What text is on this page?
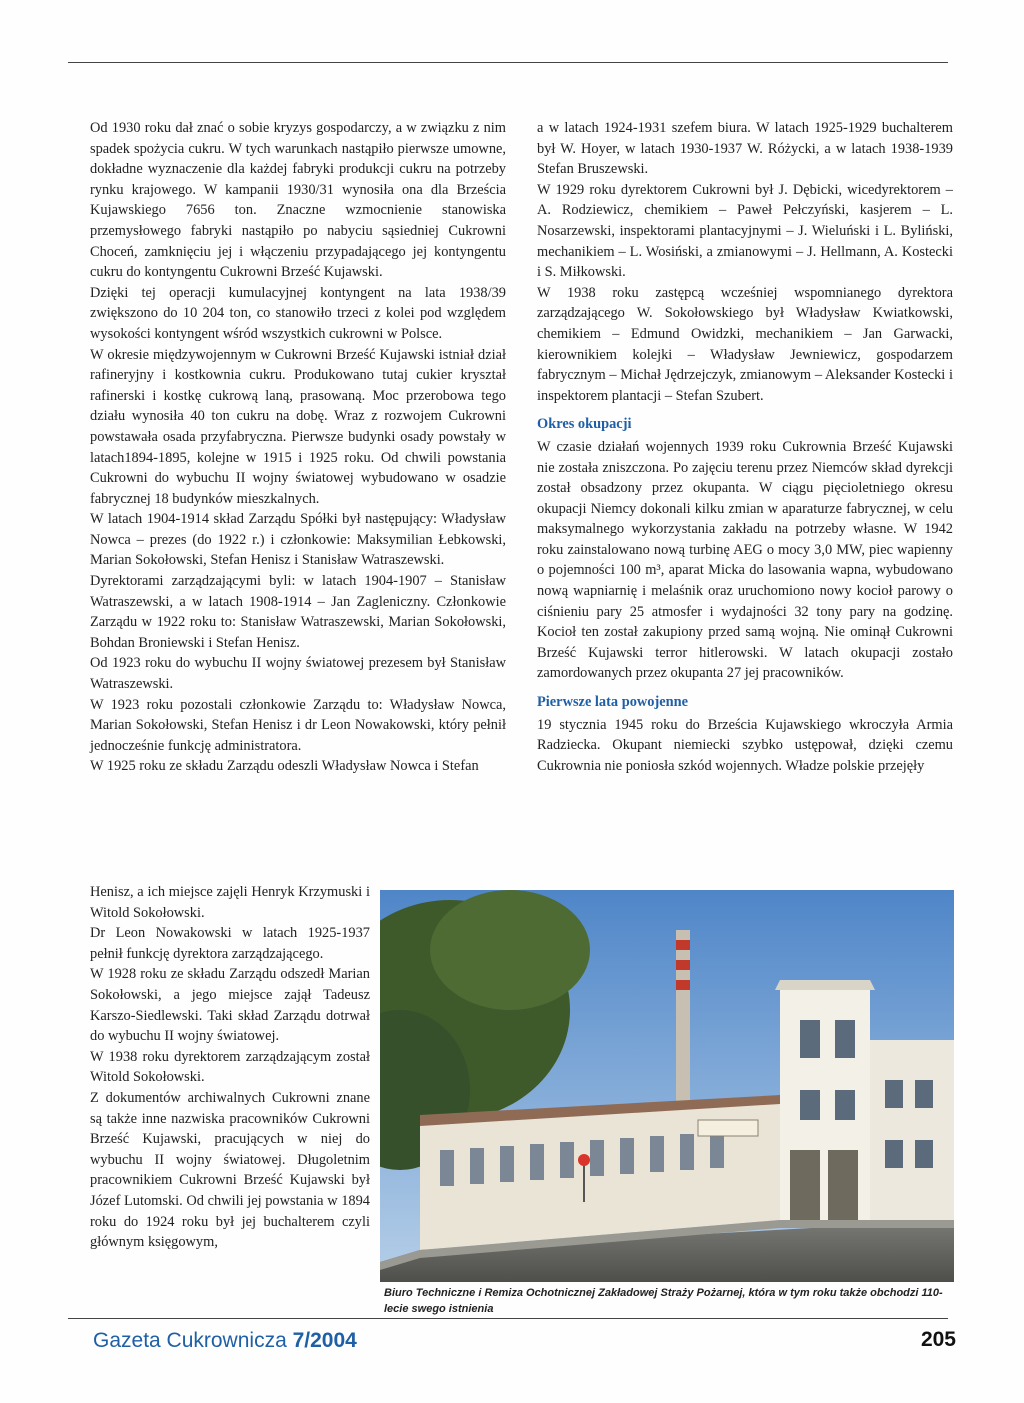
Od 1930 roku dał znać o sobie kryzys gospodarczy, a w związku z nim spadek spożycia cukru. W tych warunkach nastąpiło pierwsze umowne, dokładne wyznaczenie dla każdej fabryki produkcji cukru na potrzeby rynku krajowego. W kampanii 1930/31 wynosiła ona dla Brześcia Kujawskiego 7656 ton. Znaczne wzmocnienie stanowiska przemysłowego fabryki nastąpiło po nabyciu sąsiedniej Cukrowni Choceń, zamknięciu jej i włączeniu przypadającego jej kontyngentu cukru do kontyngentu Cukrowni Brześć Kujawski.

Dzięki tej operacji kumulacyjnej kontyngent na lata 1938/39 zwiększono do 10 204 ton, co stanowiło trzeci z kolei pod względem wysokości kontyngent wśród wszystkich cukrowni w Polsce.

W okresie międzywojennym w Cukrowni Brześć Kujawski istniał dział rafineryjny i kostkownia cukru. Produkowano tutaj cukier kryształ rafinerski i kostkę cukrową laną, prasowaną. Moc przerobowa tego działu wynosiła 40 ton cukru na dobę. Wraz z rozwojem Cukrowni powstawała osada przyfabryczna. Pierwsze budynki osady powstały w latach1894-1895, kolejne w 1915 i 1925 roku. Od chwili powstania Cukrowni do wybuchu II wojny światowej wybudowano w osadzie fabrycznej 18 budynków mieszkalnych.

W latach 1904-1914 skład Zarządu Spółki był następujący: Władysław Nowca – prezes (do 1922 r.) i członkowie: Maksymilian Łebkowski, Marian Sokołowski, Stefan Henisz i Stanisław Watraszewski.

Dyrektorami zarządzającymi byli: w latach 1904-1907 – Stanisław Watraszewski, a w latach 1908-1914 – Jan Zagleniczny. Członkowie Zarządu w 1922 roku to: Stanisław Watraszewski, Marian Sokołowski, Bohdan Broniewski i Stefan Henisz.

Od 1923 roku do wybuchu II wojny światowej prezesem był Stanisław Watraszewski.

W 1923 roku pozostali członkowie Zarządu to: Władysław Nowca, Marian Sokołowski, Stefan Henisz i dr Leon Nowakowski, który pełnił jednocześnie funkcję administratora.

W 1925 roku ze składu Zarządu odeszli Władysław Nowca i Stefan

Henisz, a ich miejsce zajęli Henryk Krzymuski i Witold Sokołowski.

Dr Leon Nowakowski w latach 1925-1937 pełnił funkcję dyrektora zarządzającego.

W 1928 roku ze składu Zarządu odszedł Marian Sokołowski, a jego miejsce zajął Tadeusz Karszo-Siedlewski. Taki skład Zarządu dotrwał do wybuchu II wojny światowej.

W 1938 roku dyrektorem zarządzającym został Witold Sokołowski.

Z dokumentów archiwalnych Cukrowni znane są także inne nazwiska pracowników Cukrowni Brześć Kujawski, pracujących w niej do wybuchu II wojny światowej. Długoletnim pracownikiem Cukrowni Brześć Kujawski był Józef Lutomski. Od chwili jej powstania w 1894 roku do 1924 roku był jej buchalterem czyli głównym księgowym,

a w latach 1924-1931 szefem biura. W latach 1925-1929 buchalterem był W. Hoyer, w latach 1930-1937 W. Różycki, a w latach 1938-1939 Stefan Bruszewski.

W 1929 roku dyrektorem Cukrowni był J. Dębicki, wicedyrektorem – A. Rodziewicz, chemikiem – Paweł Pełczyński, kasjerem – L. Nosarzewski, inspektorami plantacyjnymi – J. Wieluński i L. Byliński, mechanikiem – L. Wosiński, a zmianowymi – J. Hellmann, A. Kostecki i S. Miłkowski.

W 1938 roku zastępcą wcześniej wspomnianego dyrektora zarządzającego W. Sokołowskiego był Władysław Kwiatkowski, chemikiem – Edmund Owidzki, mechanikiem – Jan Garwacki, kierownikiem kolejki – Władysław Jewniewicz, gospodarzem fabrycznym – Michał Jędrzejczyk, zmianowym – Aleksander Kostecki i inspektorem plantacji – Stefan Szubert.

Okres okupacji

W czasie działań wojennych 1939 roku Cukrownia Brześć Kujawski nie została zniszczona. Po zajęciu terenu przez Niemców skład dyrekcji został obsadzony przez okupanta. W ciągu pięcioletniego okresu okupacji Niemcy dokonali kilku zmian w aparaturze fabrycznej, w celu maksymalnego wykorzystania zakładu na potrzeby własne. W 1942 roku zainstalowano nową turbinę AEG o mocy 3,0 MW, piec wapienny o pojemności 100 m³, aparat Micka do lasowania wapna, wybudowano nową wapniarnię i melaśnik oraz uruchomiono nowy kocioł parowy o ciśnieniu pary 25 atmosfer i wydajności 32 tony pary na godzinę. Kocioł ten został zakupiony przed samą wojną. Nie ominął Cukrowni Brześć Kujawski terror hitlerowski. W latach okupacji zostało zamordowanych przez okupanta 27 jej pracowników.

Pierwsze lata powojenne

19 stycznia 1945 roku do Brześcia Kujawskiego wkroczyła Armia Radziecka. Okupant niemiecki szybko ustępował, dzięki czemu Cukrownia nie poniosła szkód wojennych. Władze polskie przejęły

Biuro Techniczne i Remiza Ochotnicznej Zakładowej Straży Pożarnej, która w tym roku także obchodzi 110-lecie swego istnienia
Gazeta Cukrownicza 7/2004	205
